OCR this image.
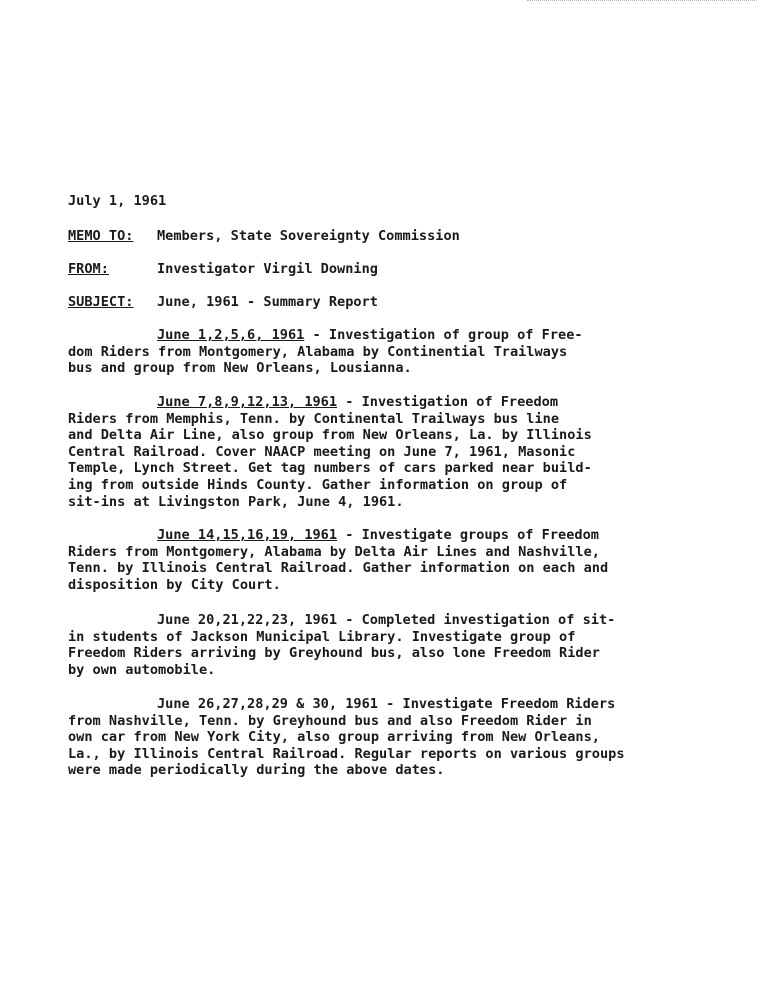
July 1, 1961
MEMO TO: Members, State Sovereignty Commission
FROM:	Investigator Virgil Downing
SUBJECT: June, 1961 - Summary Report
June 1,2,5,6, 1961 - Investigation of group of Free-
dom Riders from Montgomery, Alabama by Continential Trailways
bus and group from New Orleans, Lousianna.
June 7,8,9,12,13, 1961 - Investigation of Freedom
Riders from Memphis, Tenn. by Continental Trailways bus line
and Delta Air Line, also group from New Orleans, La. by Illinois
Central Railroad. Cover NAACP meeting on June 7, 1961, Masonic
Temple, Lynch Street. Get tag numbers of cars parked near build-
ing from outside Hinds County. Gather information on group of
sit-ins at Livingston Park, June 4, 1961.
June 14,15,16,19, 1961 - Investigate groups of Freedom
Riders from Montgomery, Alabama by Delta Air Lines and Nashville,
Tenn. by Illinois Central Railroad. Gather information on each and
disposition by City Court.
June 20,21,22,23, 1961 - Completed investigation of sit-
in students of Jackson Municipal Library. Investigate group of
Freedom Riders arriving by Greyhound bus, also lone Freedom Rider
by own automobile.
June 26,27,28,29 & 30, 1961 - Investigate Freedom Riders
from Nashville, Tenn. by Greyhound bus and also Freedom Rider in
own car from New York City, also group arriving from New Orleans,
La., by Illinois Central Railroad. Regular reports on various groups
were made periodically during the above dates.
